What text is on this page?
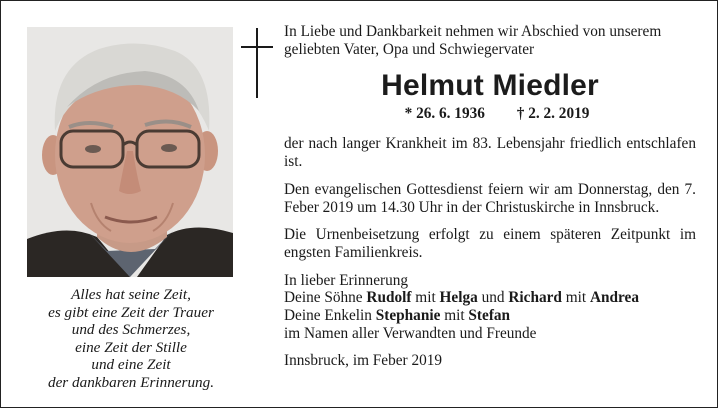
Alles hat seine Zeit,
es gibt eine Zeit der Trauer
und des Schmerzes,
eine Zeit der Stille
und eine Zeit
der dankbaren Erinnerung.

In Liebe und Dankbarkeit nehmen wir Abschied von unserem geliebten Vater, Opa und Schwiegervater

Helmut Miedler
* 26. 6. 1936 † 2. 2. 2019

der nach langer Krankheit im 83. Lebensjahr friedlich entschlafen ist.

Den evangelischen Gottesdienst feiern wir am Donnerstag, den 7. Feber 2019 um 14.30 Uhr in der Christuskirche in Innsbruck.

Die Urnenbeisetzung erfolgt zu einem späteren Zeitpunkt im engsten Familienkreis.

In lieber Erinnerung
Deine Söhne Rudolf mit Helga und Richard mit Andrea
Deine Enkelin Stephanie mit Stefan
im Namen aller Verwandten und Freunde

Innsbruck, im Feber 2019
